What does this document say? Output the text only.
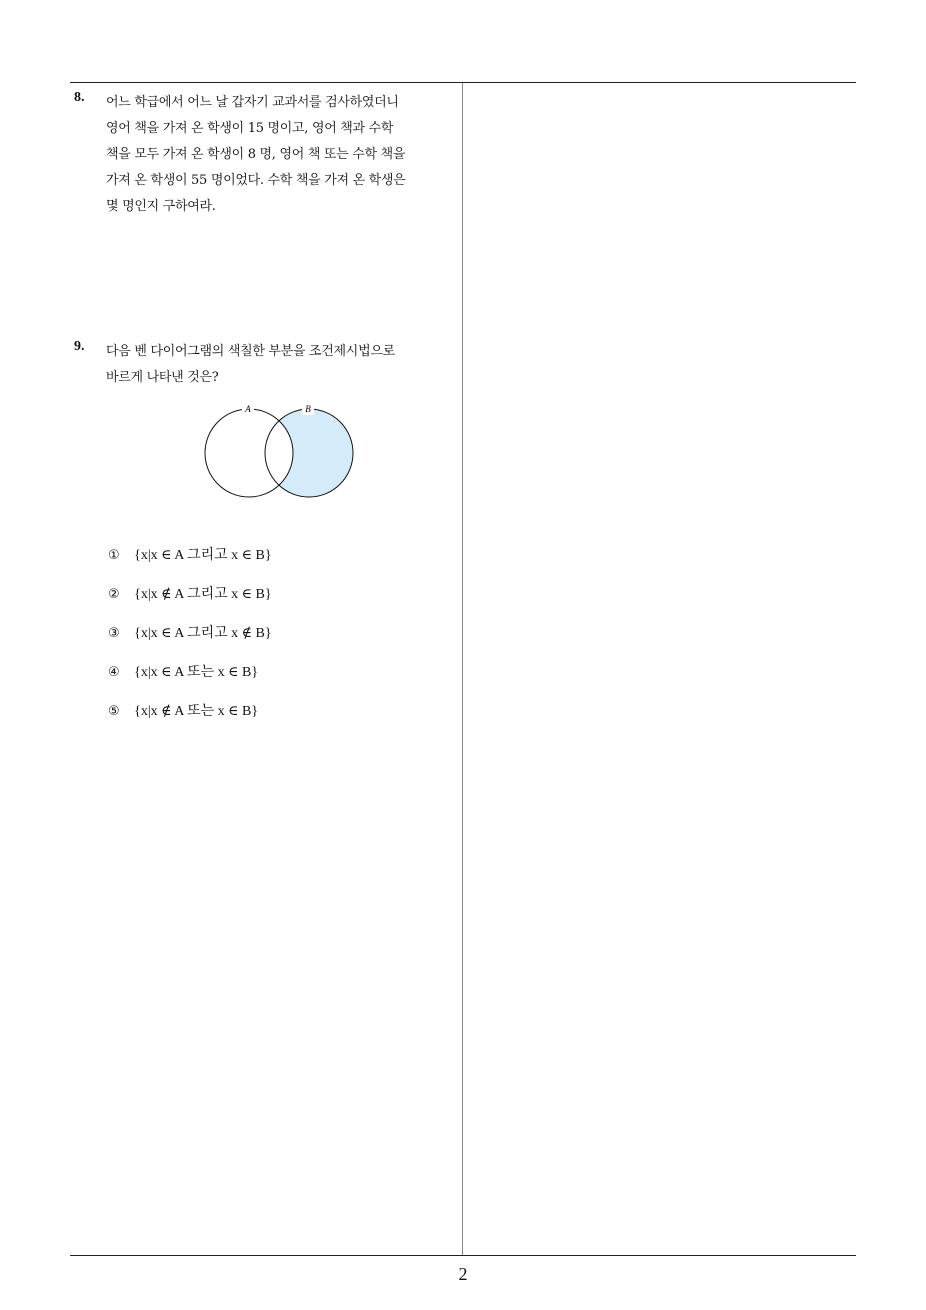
8. 어느 학급에서 어느 날 갑자기 교과서를 검사하였더니
영어 책을 가져 온 학생이 15 명이고, 영어 책과 수학
책을 모두 가져 온 학생이 8 명, 영어 책 또는 수학 책을
가져 온 학생이 55 명이었다. 수학 책을 가져 온 학생은
몇 명인지 구하여라.
9. 다음 벤 다이어그램의 색칠한 부분을 조건제시법으로
바르게 나타낸 것은?
A	B
① {x|x ∈ A 그리고 x ∈ B}
② {x|x ∉ A 그리고 x ∈ B}
③ {x|x ∈ A 그리고 x ∉ B}
④ {x|x ∈ A 또는 x ∈ B}
⑤ {x|x ∉ A 또는 x ∈ B}
2
